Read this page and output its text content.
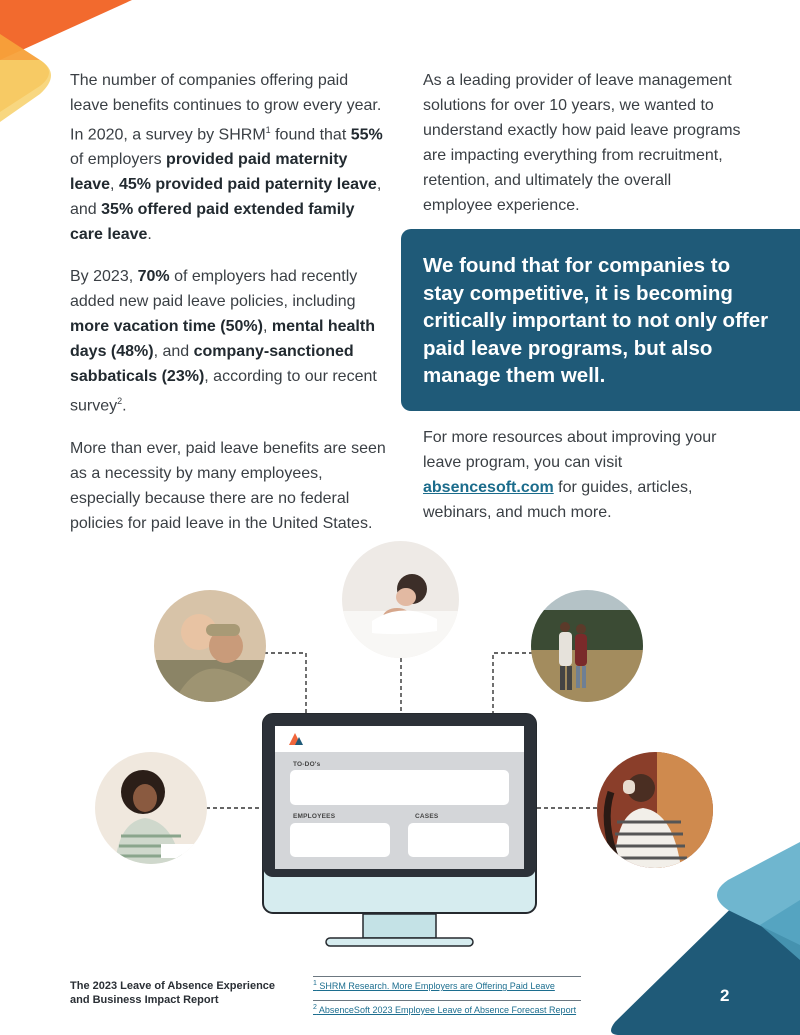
The number of companies offering paid leave benefits continues to grow every year. In 2020, a survey by SHRM$^1$ found that 55% of employers provided paid maternity leave, 45% provided paid paternity leave, and 35% offered paid extended family care leave.

By 2023, 70% of employers had recently added new paid leave policies, including more vacation time (50%), mental health days (48%), and company-sanctioned sabbaticals (23%), according to our recent survey$^2$.

More than ever, paid leave benefits are seen as a necessity by many employees, especially because there are no federal policies for paid leave in the United States.

As a leading provider of leave management solutions for over 10 years, we wanted to understand exactly how paid leave programs are impacting everything from recruitment, retention, and ultimately the overall employee experience.

We found that for companies to stay competitive, it is becoming critically important to not only offer paid leave programs, but also manage them well.

For more resources about improving your leave program, you can visit absencesoft.com for guides, articles, webinars, and much more.

TO-DO's
EMPLOYEES	CASES
The 2023 Leave of Absence Experience and Business Impact Report
$^1$ SHRM Research. More Employers are Offering Paid Leave
$^2$ AbsenceSoft 2023 Employee Leave of Absence Forecast Report
2
